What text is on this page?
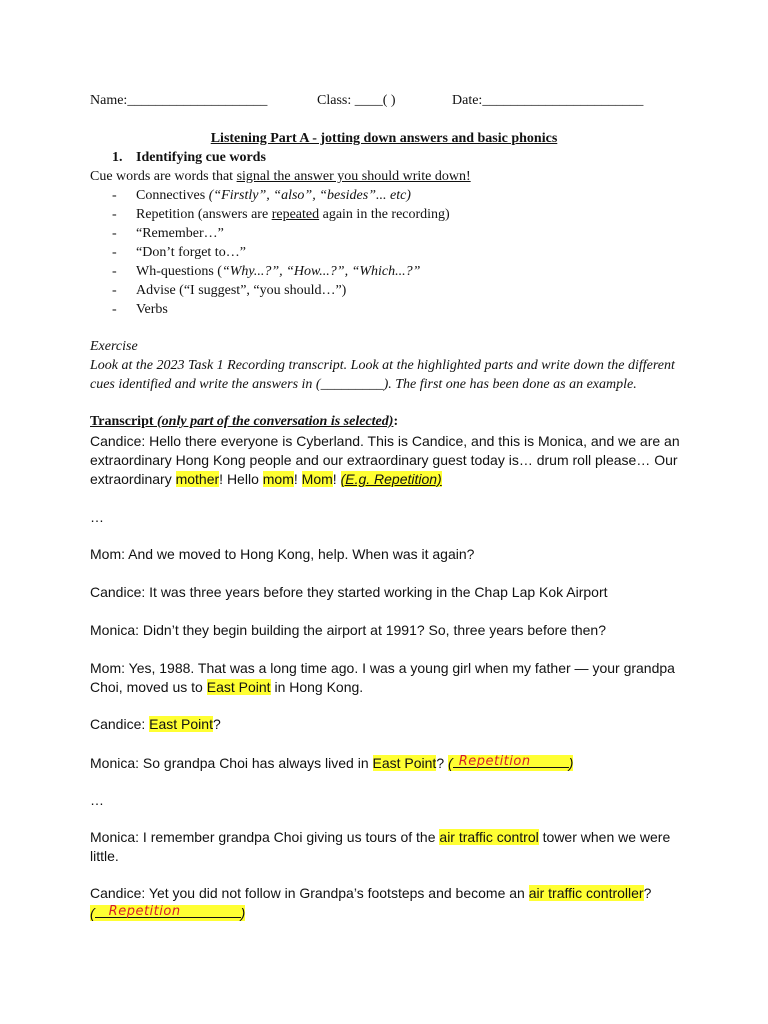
Name:____________________	Class: ____( )	Date:_______________________
Listening Part A - jotting down answers and basic phonics
1. Identifying cue words
Cue words are words that signal the answer you should write down!
- Connectives (“Firstly”, “also”, “besides”... etc)
- Repetition (answers are repeated again in the recording)
- “Remember…”
- “Don’t forget to…”
- Wh-questions (“Why...?”, “How...?”, “Which...?”
- Advise (“I suggest”, “you should…”)
- Verbs
Exercise
Look at the 2023 Task 1 Recording transcript. Look at the highlighted parts and write down the different
cues identified and write the answers in (_________). The first one has been done as an example.
Transcript (only part of the conversation is selected):
Candice: Hello there everyone is Cyberland. This is Candice, and this is Monica, and we are an
extraordinary Hong Kong people and our extraordinary guest today is… drum roll please… Our
extraordinary mother! Hello mom! Mom! (E.g. Repetition)
…
Mom: And we moved to Hong Kong, help. When was it again?
Candice: It was three years before they started working in the Chap Lap Kok Airport
Monica: Didn’t they begin building the airport at 1991? So, three years before then?
Mom: Yes, 1988. That was a long time ago. I was a young girl when my father — your grandpa
Choi, moved us to East Point in Hong Kong.
Candice: East Point?
Monica: So grandpa Choi has always lived in East Point? ( Repetition	)
…
Monica: I remember grandpa Choi giving us tours of the air traffic control tower when we were
little.
Candice: Yet you did not follow in Grandpa’s footsteps and become an air traffic controller?
( Repetition	)
